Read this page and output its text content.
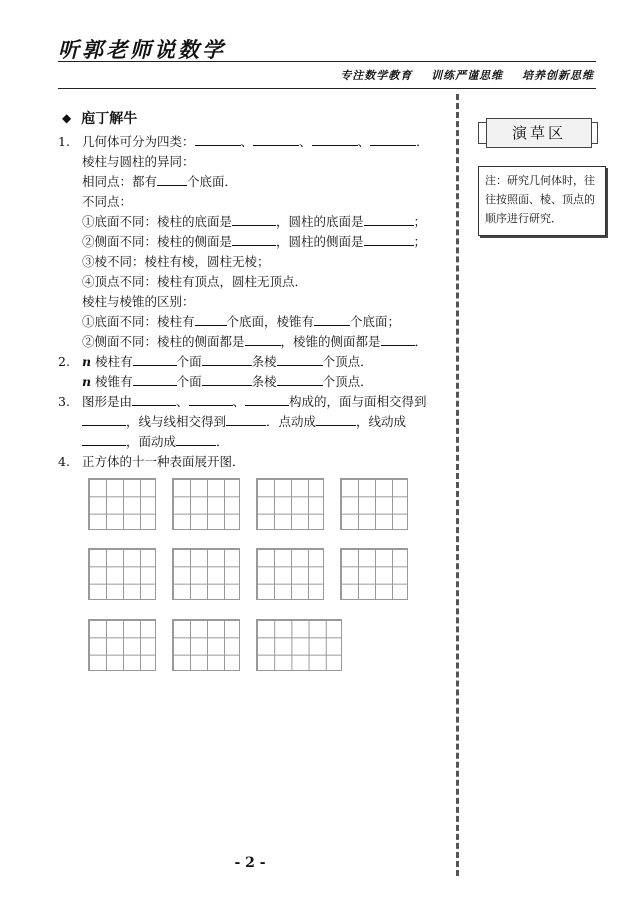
听郭老师说数学
专注数学教育 训练严谨思维 培养创新思维
◆ 庖丁解牛
1. 几何体可分为四类：	、	、	、	．
棱柱与圆柱的异同：
相同点：都有 个底面．
不同点：
①底面不同：棱柱的底面是	，圆柱的底面是	；
②侧面不同：棱柱的侧面是	，圆柱的侧面是	；
③棱不同：棱柱有棱，圆柱无棱；
④顶点不同：棱柱有顶点，圆柱无顶点．
棱柱与棱锥的区别：
①底面不同：棱柱有	个底面，棱锥有	个底面；
②侧面不同：棱柱的侧面都是	，棱锥的侧面都是	．
2. n 棱柱有	个面	条棱	个顶点．
n 棱锥有	个面	条棱	个顶点．
3. 图形是由	、	、	构成的，面与面相交得到
，线与线相交得到	．点动成	，线动成
，面动成	．
4. 正方体的十一种表面展开图．
演草区
注：研究几何体时，往往按照面、棱、顶点的顺序进行研究．
- 2 -
